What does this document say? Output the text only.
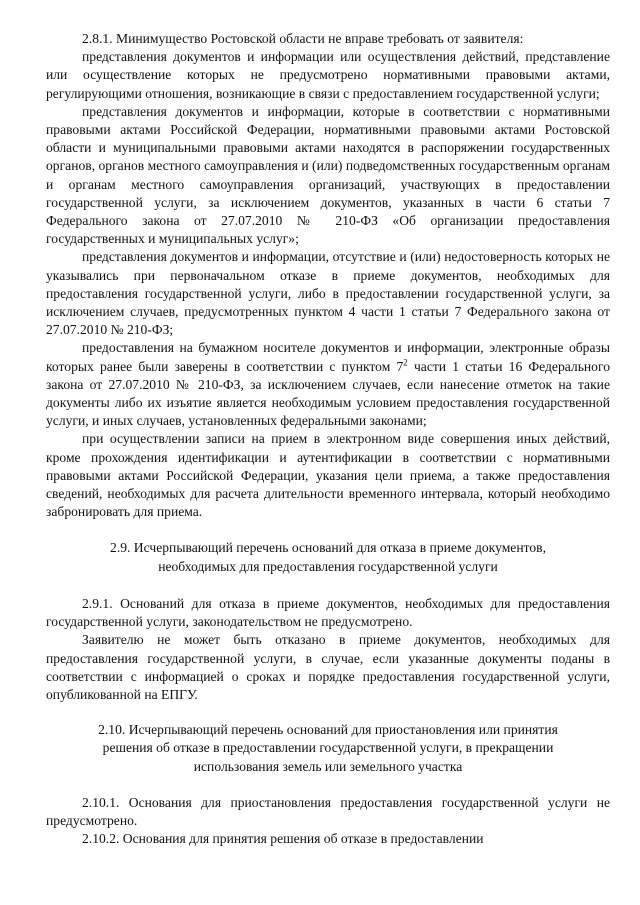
2.8.1. Минимущество Ростовской области не вправе требовать от заявителя:

представления документов и информации или осуществления действий, представление или осуществление которых не предусмотрено нормативными правовыми актами, регулирующими отношения, возникающие в связи с предоставлением государственной услуги;

представления документов и информации, которые в соответствии с нормативными правовыми актами Российской Федерации, нормативными правовыми актами Ростовской области и муниципальными правовыми актами находятся в распоряжении государственных органов, органов местного самоуправления и (или) подведомственных государственным органам и органам местного самоуправления организаций, участвующих в предоставлении государственной услуги, за исключением документов, указанных в части 6 статьи 7 Федерального закона от 27.07.2010 № 210-ФЗ «Об организации предоставления государственных и муниципальных услуг»;

представления документов и информации, отсутствие и (или) недостоверность которых не указывались при первоначальном отказе в приеме документов, необходимых для предоставления государственной услуги, либо в предоставлении государственной услуги, за исключением случаев, предусмотренных пунктом 4 части 1 статьи 7 Федерального закона от 27.07.2010 № 210-ФЗ;

предоставления на бумажном носителе документов и информации, электронные образы которых ранее были заверены в соответствии с пунктом $7^2$ части 1 статьи 16 Федерального закона от 27.07.2010 № 210-ФЗ, за исключением случаев, если нанесение отметок на такие документы либо их изъятие является необходимым условием предоставления государственной услуги, и иных случаев, установленных федеральными законами;

при осуществлении записи на прием в электронном виде совершения иных действий, кроме прохождения идентификации и аутентификации в соответствии с нормативными правовыми актами Российской Федерации, указания цели приема, а также предоставления сведений, необходимых для расчета длительности временного интервала, который необходимо забронировать для приема.

2.9. Исчерпывающий перечень оснований для отказа в приеме документов, необходимых для предоставления государственной услуги

2.9.1. Оснований для отказа в приеме документов, необходимых для предоставления государственной услуги, законодательством не предусмотрено.

Заявителю не может быть отказано в приеме документов, необходимых для предоставления государственной услуги, в случае, если указанные документы поданы в соответствии с информацией о сроках и порядке предоставления государственной услуги, опубликованной на ЕПГУ.

2.10. Исчерпывающий перечень оснований для приостановления или принятия решения об отказе в предоставлении государственной услуги, в прекращении использования земель или земельного участка

2.10.1. Основания для приостановления предоставления государственной услуги не предусмотрено.

2.10.2. Основания для принятия решения об отказе в предоставлении
